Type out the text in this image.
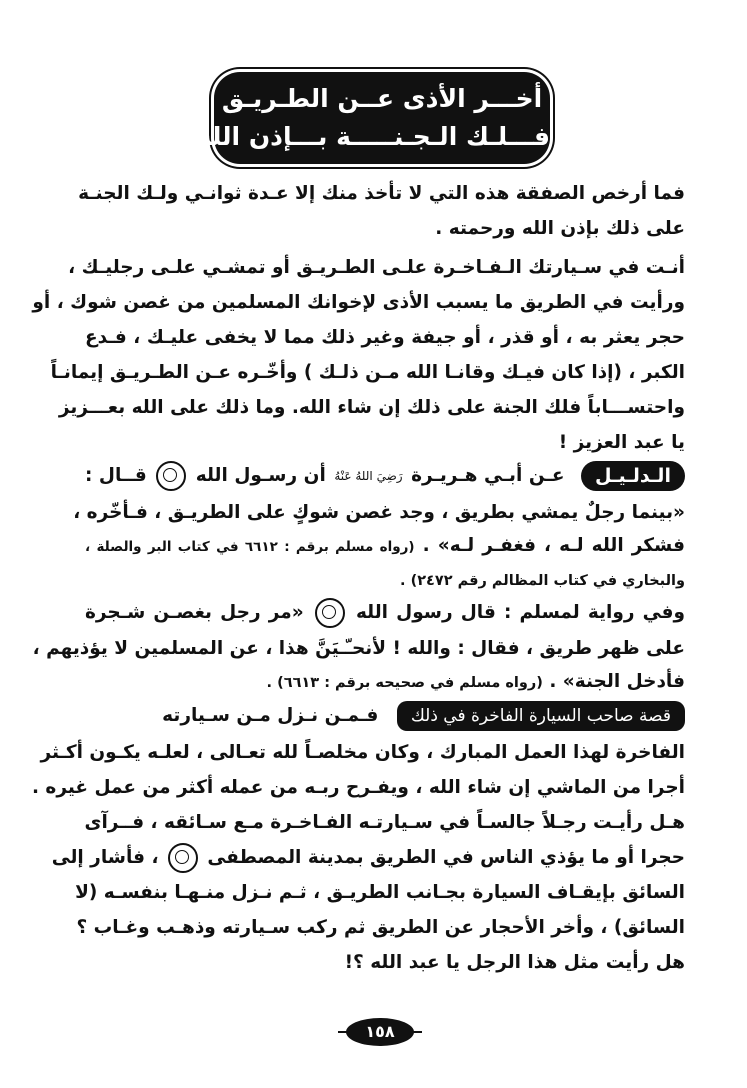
أخـــر الأذى عــن الطـريـق
فـــلـك الـجـنـــــة بـــإذن الله
فما أرخص الصفقة هذه التي لا تأخذ منك إلا عـدة ثوانـي ولـك الجنـة
على ذلك بإذن الله ورحمته .
أنـت في سـيارتك الـفـاخـرة علـى الطـريـق أو تمشـي علـى رجليـك ،
ورأيت في الطريق ما يسبب الأذى لإخوانك المسلمين من غصن شوك ، أو
حجر يعثر به ، أو قذر ، أو جيفة وغير ذلك مما لا يخفى عليـك ، فـدع
الكبر ، (إذا كان فيـك وقانـا الله مـن ذلـك ) وأخّـره عـن الطـريـق إيمانـاً
واحتســـاباً فلك الجنة على ذلك إن شاء الله. وما ذلك على الله بعـــزيز
يا عبد العزيز !
الـدلـيـل عـن أبـي هـريـرة رَضِيَ اللهُ عَنْهُ أن رسـول الله  قــال :
«بينما رجلٌ يمشي بطريق ، وجد غصن شوكٍ على الطريـق ، فـأخّره ،
فشكر الله لـه ، فغفـر لـه» . (رواه مسلم برقم : ٦٦١٢ في كتاب البر والصلة ،
والبخاري في كتاب المظالم رقم ٢٤٧٢) .
وفي رواية لمسلم : قال رسول الله  «مر رجل بغصـن شـجرة
على ظهر طريق ، فقال : والله ! لأنحـّـيَنَّ هذا ، عن المسلمين لا يؤذيهم ،
فأدخل الجنة» . (رواه مسلم في صحيحه برقم : ٦٦١٣) .
قصة صاحب السيارة الفاخرة في ذلك فـمـن نـزل مـن سـيارته
الفاخرة لهذا العمل المبارك ، وكان مخلصـاً لله تعـالى ، لعلـه يكـون أكـثر
أجرا من الماشي إن شاء الله ، ويفـرح ربـه من عمله أكثر من عمل غيره .
هـل رأيـت رجـلاً جالسـاً في سـيارتـه الفـاخـرة مـع سـائقه ، فــرآى
حجرا أو ما يؤذي الناس في الطريق بمدينة المصطفى  ، فأشار إلى
السائق بإيقـاف السيارة بجـانب الطريـق ، ثـم نـزل منـهـا بنفسـه (لا
السائق) ، وأخر الأحجار عن الطريق ثم ركب سـيارته وذهـب وغـاب ؟
هل رأيت مثل هذا الرجل يا عبد الله ؟!
١٥٨
